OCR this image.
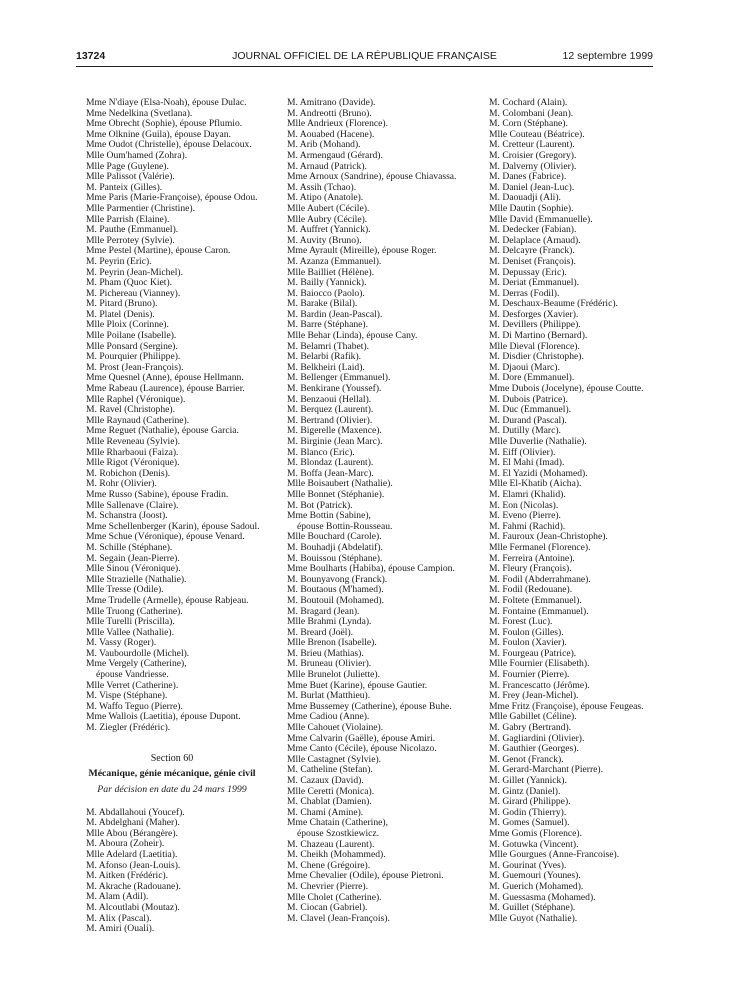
13724	JOURNAL OFFICIEL DE LA RÉPUBLIQUE FRANÇAISE	12 septembre 1999
Mme N'diaye (Elsa-Noah), épouse Dulac.
Mme Nedelkina (Svetlana).
Mme Obrecht (Sophie), épouse Pflumio.
Mme Olknine (Guila), épouse Dayan.
Mme Oudot (Christelle), épouse Delacoux.
Mlle Oum'hamed (Zohra).
Mlle Page (Guylene).
Mlle Palissot (Valérie).
M. Panteix (Gilles).
Mme Paris (Marie-Françoise), épouse Odou.
Mlle Parmentier (Christine).
Mlle Parrish (Elaine).
M. Pauthe (Emmanuel).
Mlle Perrotey (Sylvie).
Mme Pestel (Martine), épouse Caron.
M. Peyrin (Eric).
M. Peyrin (Jean-Michel).
M. Pham (Quoc Kiet).
M. Pichereau (Vianney).
M. Pitard (Bruno).
M. Platel (Denis).
Mlle Ploix (Corinne).
Mlle Poilane (Isabelle).
Mlle Ponsard (Sergine).
M. Pourquier (Philippe).
M. Prost (Jean-François).
Mme Quesnel (Anne), épouse Hellmann.
Mme Rabeau (Laurence), épouse Barrier.
Mlle Raphel (Véronique).
M. Ravel (Christophe).
Mlle Raynaud (Catherine).
Mme Reguet (Nathalie), épouse Garcia.
Mlle Reveneau (Sylvie).
Mlle Rharbaoui (Faiza).
Mlle Rigot (Véronique).
M. Robichon (Denis).
M. Rohr (Olivier).
Mme Russo (Sabine), épouse Fradin.
Mlle Sallenave (Claire).
M. Schanstra (Joost).
Mme Schellenberger (Karin), épouse Sadoul.
Mme Schue (Véronique), épouse Venard.
M. Schille (Stéphane).
M. Segain (Jean-Pierre).
Mlle Sinou (Véronique).
Mlle Strazielle (Nathalie).
Mlle Tresse (Odile).
Mme Trudelle (Armelle), épouse Rabjeau.
Mlle Truong (Catherine).
Mlle Turelli (Priscilla).
Mlle Vallee (Nathalie).
M. Vassy (Roger).
M. Vaubourdolle (Michel).
Mme Vergely (Catherine),
épouse Vandriesse.
Mlle Verret (Catherine).
M. Vispe (Stéphane).
M. Waffo Teguo (Pierre).
Mme Wallois (Laetitia), épouse Dupont.
M. Ziegler (Frédéric).
Section 60
Mécanique, génie mécanique, génie civil
Par décision en date du 24 mars 1999
M. Abdallahoui (Youcef).
M. Abdelghani (Maher).
Mlle Abou (Bérangère).
M. Aboura (Zoheir).
Mlle Adelard (Laetitia).
M. Afonso (Jean-Louis).
M. Aitken (Frédéric).
M. Akrache (Radouane).
M. Alam (Adil).
M. Alcoutlabi (Moutaz).
M. Alix (Pascal).
M. Amiri (Ouali).
M. Amitrano (Davide).
M. Andreotti (Bruno).
Mlle Andrieux (Florence).
M. Aouabed (Hacene).
M. Arib (Mohand).
M. Armengaud (Gérard).
M. Arnaud (Patrick).
Mme Arnoux (Sandrine), épouse Chiavassa.
M. Assih (Tchao).
M. Atipo (Anatole).
Mlle Aubert (Cécile).
Mlle Aubry (Cécile).
M. Auffret (Yannick).
M. Auvity (Bruno).
Mme Ayrault (Mireille), épouse Roger.
M. Azanza (Emmanuel).
Mlle Bailliet (Hélène).
M. Bailly (Yannick).
M. Baiocco (Paolo).
M. Barake (Bilal).
M. Bardin (Jean-Pascal).
M. Barre (Stéphane).
Mlle Behar (Linda), épouse Cany.
M. Belamri (Thabet).
M. Belarbi (Rafik).
M. Belkheiri (Laid).
M. Bellenger (Emmanuel).
M. Benkirane (Youssef).
M. Benzaoui (Hellal).
M. Berquez (Laurent).
M. Bertrand (Olivier).
M. Bigerelle (Maxence).
M. Birginie (Jean Marc).
M. Blanco (Eric).
M. Blondaz (Laurent).
M. Boffa (Jean-Marc).
Mlle Boisaubert (Nathalie).
Mlle Bonnet (Stéphanie).
M. Bot (Patrick).
Mme Bottin (Sabine),
épouse Bottin-Rousseau.
Mlle Bouchard (Carole).
M. Bouhadji (Abdelatif).
M. Bouissou (Stéphane).
Mme Boulharts (Habiba), épouse Campion.
M. Bounyavong (Franck).
M. Boutaous (M'hamed).
M. Boutouil (Mohamed).
M. Bragard (Jean).
Mlle Brahmi (Lynda).
M. Breard (Joël).
Mlle Brenon (Isabelle).
M. Brieu (Mathias).
M. Bruneau (Olivier).
Mlle Brunelot (Juliette).
Mme Buet (Karine), épouse Gautier.
M. Burlat (Matthieu).
Mme Bussemey (Catherine), épouse Buhe.
Mme Cadiou (Anne).
Mlle Cahouet (Violaine).
Mme Calvarin (Gaëlle), épouse Amiri.
Mme Canto (Cécile), épouse Nicolazo.
Mlle Castagnet (Sylvie).
M. Catheline (Stefan).
M. Cazaux (David).
Mlle Ceretti (Monica).
M. Chablat (Damien).
M. Chami (Amine).
Mme Chatain (Catherine),
épouse Szostkiewicz.
M. Chazeau (Laurent).
M. Cheikh (Mohammed).
M. Chene (Grégoire).
Mme Chevalier (Odile), épouse Pietroni.
M. Chevrier (Pierre).
Mlle Cholet (Catherine).
M. Ciocan (Gabriel).
M. Clavel (Jean-François).
M. Cochard (Alain).
M. Colombani (Jean).
M. Corn (Stéphane).
Mlle Couteau (Béatrice).
M. Cretteur (Laurent).
M. Croisier (Gregory).
M. Dalverny (Olivier).
M. Danes (Fabrice).
M. Daniel (Jean-Luc).
M. Daouadji (Ali).
Mlle Dautin (Sophie).
Mlle David (Emmanuelle).
M. Dedecker (Fabian).
M. Delaplace (Arnaud).
M. Delcayre (Franck).
M. Deniset (François).
M. Depussay (Eric).
M. Deriat (Emmanuel).
M. Derras (Fodil).
M. Deschaux-Beaume (Frédéric).
M. Desforges (Xavier).
M. Devillers (Philippe).
M. Di Martino (Bernard).
Mlle Dieval (Florence).
M. Disdier (Christophe).
M. Djaoui (Marc).
M. Dore (Emmanuel).
Mme Dubois (Jocelyne), épouse Coutte.
M. Dubois (Patrice).
M. Duc (Emmanuel).
M. Durand (Pascal).
M. Dutilly (Marc).
Mlle Duverlie (Nathalie).
M. Eiff (Olivier).
M. El Mahi (Imad).
M. El Yazidi (Mohamed).
Mlle El-Khatib (Aicha).
M. Elamri (Khalid).
M. Eon (Nicolas).
M. Eveno (Pierre).
M. Fahmi (Rachid).
M. Fauroux (Jean-Christophe).
Mlle Fermanel (Florence).
M. Ferreira (Antoine).
M. Fleury (François).
M. Fodil (Abderrahmane).
M. Fodil (Redouane).
M. Foltete (Emmanuel).
M. Fontaine (Emmanuel).
M. Forest (Luc).
M. Foulon (Gilles).
M. Foulon (Xavier).
M. Fourgeau (Patrice).
Mlle Fournier (Elisabeth).
M. Fournier (Pierre).
M. Francescatto (Jérôme).
M. Frey (Jean-Michel).
Mme Fritz (Françoise), épouse Feugeas.
Mlle Gabillet (Céline).
M. Gabry (Bertrand).
M. Gagliardini (Olivier).
M. Gauthier (Georges).
M. Genot (Franck).
M. Gerard-Marchant (Pierre).
M. Gillet (Yannick).
M. Gintz (Daniel).
M. Girard (Philippe).
M. Godin (Thierry).
M. Gomes (Samuel).
Mme Gomis (Florence).
M. Gotuwka (Vincent).
Mlle Gourgues (Anne-Francoise).
M. Gourinat (Yves).
M. Guemouri (Younes).
M. Guerich (Mohamed).
M. Guessasma (Mohamed).
M. Guillet (Stéphane).
Mlle Guyot (Nathalie).
